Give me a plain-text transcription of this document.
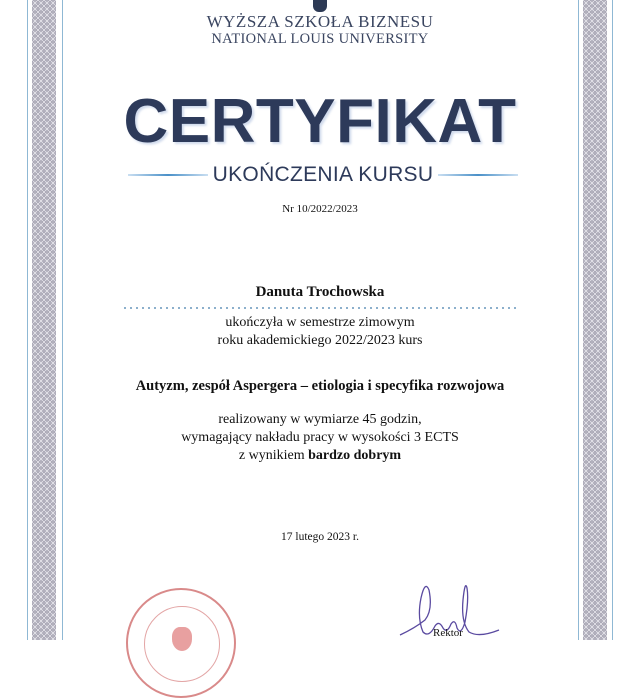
WYŻSZA SZKOŁA BIZNESU
NATIONAL LOUIS UNIVERSITY
CERTYFIKAT
UKOŃCZENIA KURSU
Nr 10/2022/2023
Danuta Trochowska
ukończyła w semestrze zimowym
roku akademickiego 2022/2023 kurs
Autyzm, zespół Aspergera – etiologia i specyfika rozwojowa
realizowany w wymiarze 45 godzin,
wymagający nakładu pracy w wysokości 3 ECTS
z wynikiem bardzo dobrym
17 lutego 2023 r.
Rektor
